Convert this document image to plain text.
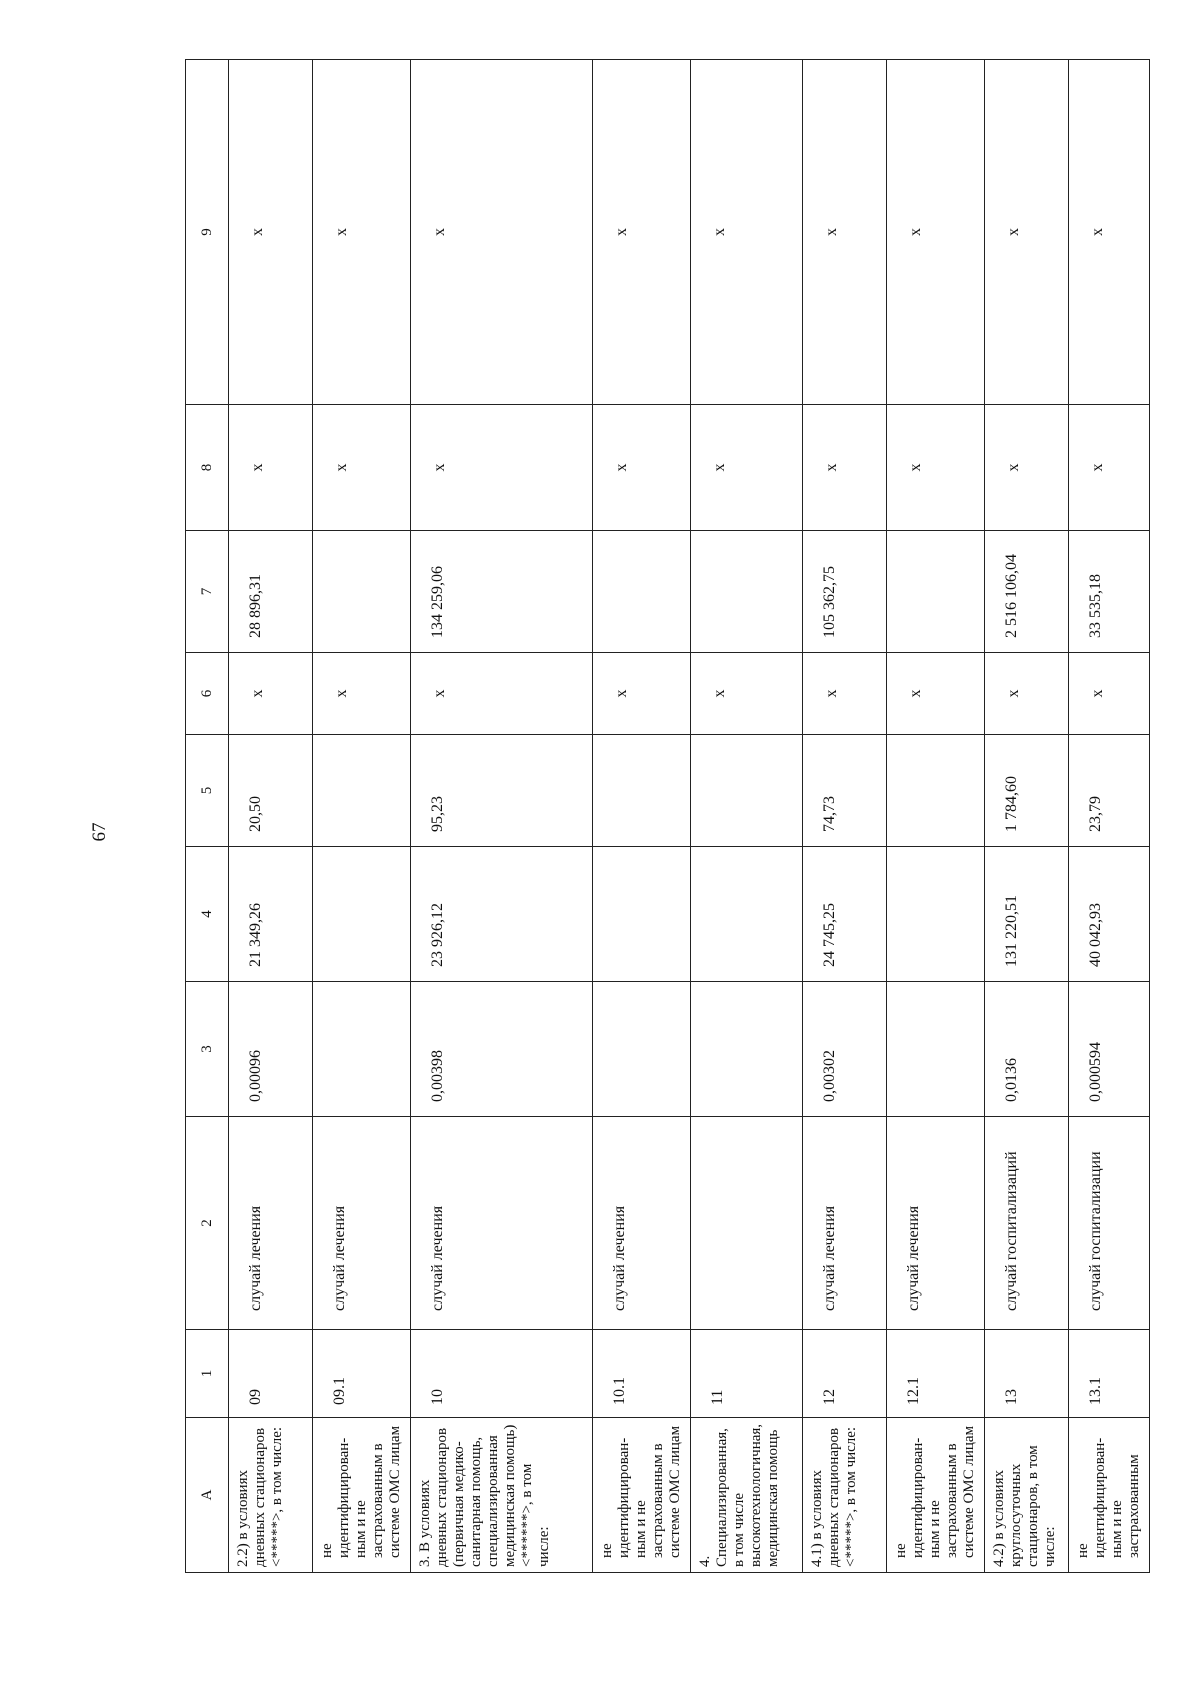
67
A	1	2	3	4	5	6	7	8	9
2.2) в условиях дневных стационаров <*****>, в том числе:	09	случай лечения	0,00096	21 349,26	20,50	x	28 896,31	x	x
не идентифицирован-ным и не застрахованным в системе ОМС лицам	09.1	случай лечения				x		x	x
3. В условиях дневных стационаров (первичная медико-санитарная помощь, специализированная медицинская помощь) <******>, в том числе:	10	случай лечения	0,00398	23 926,12	95,23	x	134 259,06	x	x
не идентифицирован-ным и не застрахованным в системе ОМС лицам	10.1	случай лечения				x		x	x
4. Специализированная, в том числе высокотехнологичная, медицинская помощь	11					x		x	x
4.1) в условиях дневных стационаров <*****>, в том числе:	12	случай лечения	0,00302	24 745,25	74,73	x	105 362,75	x	x
не идентифицирован-ным и не застрахованным в системе ОМС лицам	12.1	случай лечения				x		x	x
4.2) в условиях круглосуточных стационаров, в том числе:	13	случай госпитализаций	0,0136	131 220,51	1 784,60	x	2 516 106,04	x	x
не идентифицирован-ным и не застрахованным	13.1	случай госпитализации	0,000594	40 042,93	23,79	x	33 535,18	x	x
